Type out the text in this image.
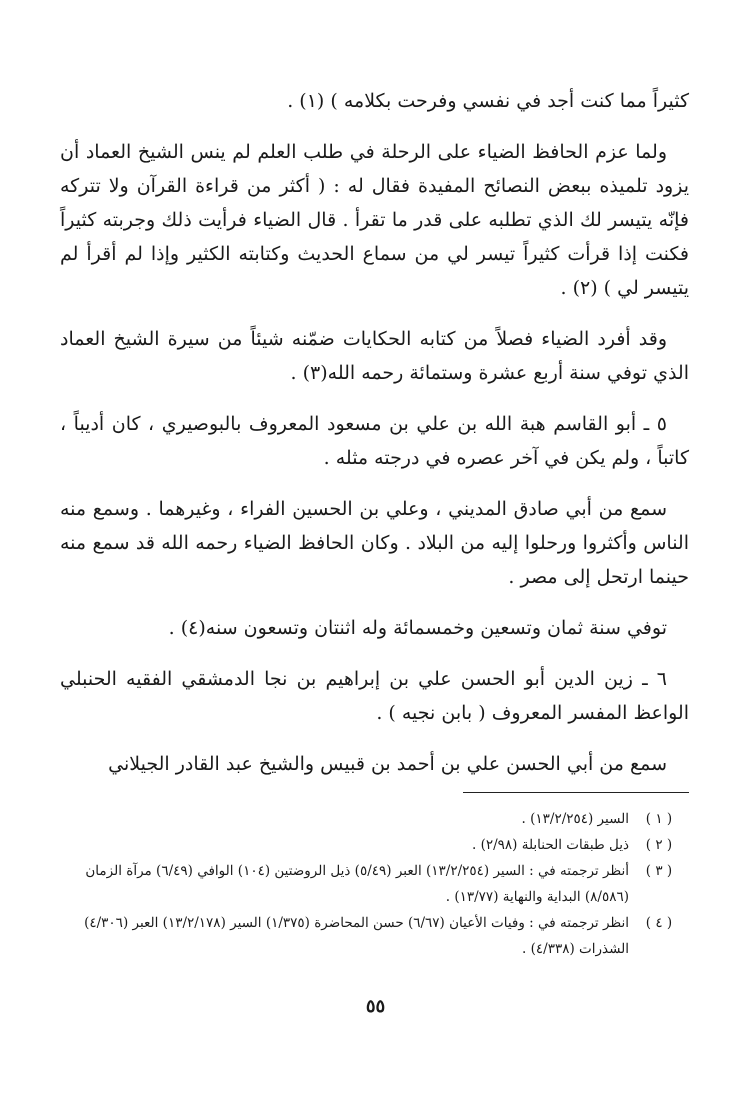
كثيراً مما كنت أجد في نفسي وفرحت بكلامه ) (١) .

ولما عزم الحافظ الضياء على الرحلة في طلب العلم لم ينس الشيخ العماد أن يزود تلميذه ببعض النصائح المفيدة فقال له : ( أكثر من قراءة القرآن ولا تتركه فإنّه يتيسر لك الذي تطلبه على قدر ما تقرأ . قال الضياء فرأيت ذلك وجربته كثيراً فكنت إذا قرأت كثيراً تيسر لي من سماع الحديث وكتابته الكثير وإذا لم أقرأ لم يتيسر لي ) (٢) .

وقد أفرد الضياء فصلاً من كتابه الحكايات ضمّنه شيئاً من سيرة الشيخ العماد الذي توفي سنة أربع عشرة وستمائة رحمه الله(٣) .

٥ ـ أبو القاسم هبة الله بن علي بن مسعود المعروف بالبوصيري ، كان أديباً ، كاتباً ، ولم يكن في آخر عصره في درجته مثله .

سمع من أبي صادق المديني ، وعلي بن الحسين الفراء ، وغيرهما . وسمع منه الناس وأكثروا ورحلوا إليه من البلاد . وكان الحافظ الضياء رحمه الله قد سمع منه حينما ارتحل إلى مصر .

توفي سنة ثمان وتسعين وخمسمائة وله اثنتان وتسعون سنه(٤) .

٦ ـ زين الدين أبو الحسن علي بن إبراهيم بن نجا الدمشقي الفقيه الحنبلي الواعظ المفسر المعروف ( بابن نجيه ) .

سمع من أبي الحسن علي بن أحمد بن قبيس والشيخ عبد القادر الجيلاني

( ١ )
السير (١٣/٢/٢٥٤) .
( ٢ )
ذيل طبقات الحنابلة (٢/٩٨) .
( ٣ )
أنظر ترجمته في : السير (١٣/٢/٢٥٤) العبر (٥/٤٩) ذيل الروضتين (١٠٤) الوافي (٦/٤٩) مرآة الزمان (٨/٥٨٦) البداية والنهاية (١٣/٧٧) .
( ٤ )
انظر ترجمته في : وفيات الأعيان (٦/٦٧) حسن المحاضرة (١/٣٧٥) السير (١٣/٢/١٧٨) العبر (٤/٣٠٦) الشذرات (٤/٣٣٨) .
٥٥
